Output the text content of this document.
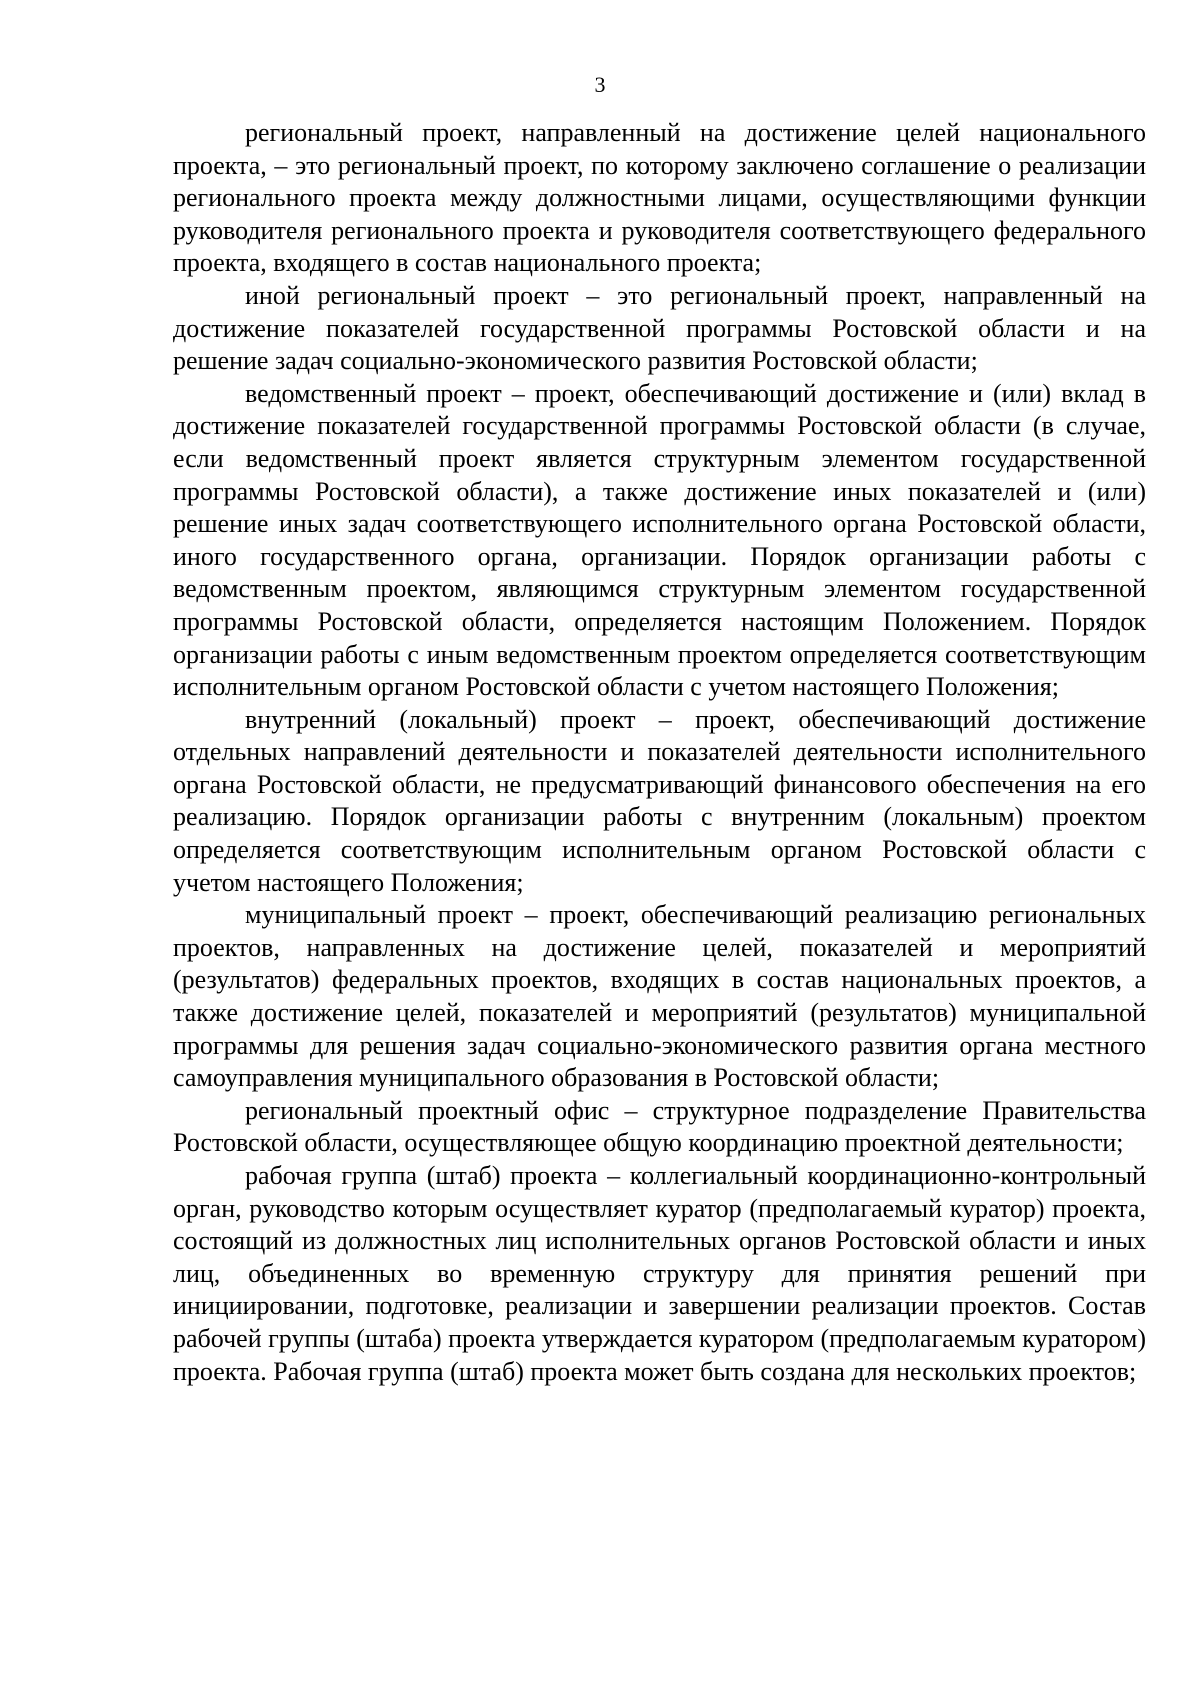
3

региональный проект, направленный на достижение целей национального проекта, – это региональный проект, по которому заключено соглашение о реализации регионального проекта между должностными лицами, осуществляющими функции руководителя регионального проекта и руководителя соответствующего федерального проекта, входящего в состав национального проекта;

иной региональный проект – это региональный проект, направленный на достижение показателей государственной программы Ростовской области и на решение задач социально-экономического развития Ростовской области;

ведомственный проект – проект, обеспечивающий достижение и (или) вклад в достижение показателей государственной программы Ростовской области (в случае, если ведомственный проект является структурным элементом государственной программы Ростовской области), а также достижение иных показателей и (или) решение иных задач соответствующего исполнительного органа Ростовской области, иного государственного органа, организации. Порядок организации работы с ведомственным проектом, являющимся структурным элементом государственной программы Ростовской области, определяется настоящим Положением. Порядок организации работы с иным ведомственным проектом определяется соответствующим исполнительным органом Ростовской области с учетом настоящего Положения;

внутренний (локальный) проект – проект, обеспечивающий достижение отдельных направлений деятельности и показателей деятельности исполнительного органа Ростовской области, не предусматривающий финансового обеспечения на его реализацию. Порядок организации работы с внутренним (локальным) проектом определяется соответствующим исполнительным органом Ростовской области с учетом настоящего Положения;

муниципальный проект – проект, обеспечивающий реализацию региональных проектов, направленных на достижение целей, показателей и мероприятий (результатов) федеральных проектов, входящих в состав национальных проектов, а также достижение целей, показателей и мероприятий (результатов) муниципальной программы для решения задач социально-экономического развития органа местного самоуправления муниципального образования в Ростовской области;

региональный проектный офис – структурное подразделение Правительства Ростовской области, осуществляющее общую координацию проектной деятельности;

рабочая группа (штаб) проекта – коллегиальный координационно-контрольный орган, руководство которым осуществляет куратор (предполагаемый куратор) проекта, состоящий из должностных лиц исполнительных органов Ростовской области и иных лиц, объединенных во временную структуру для принятия решений при инициировании, подготовке, реализации и завершении реализации проектов. Состав рабочей группы (штаба) проекта утверждается куратором (предполагаемым куратором) проекта. Рабочая группа (штаб) проекта может быть создана для нескольких проектов;
